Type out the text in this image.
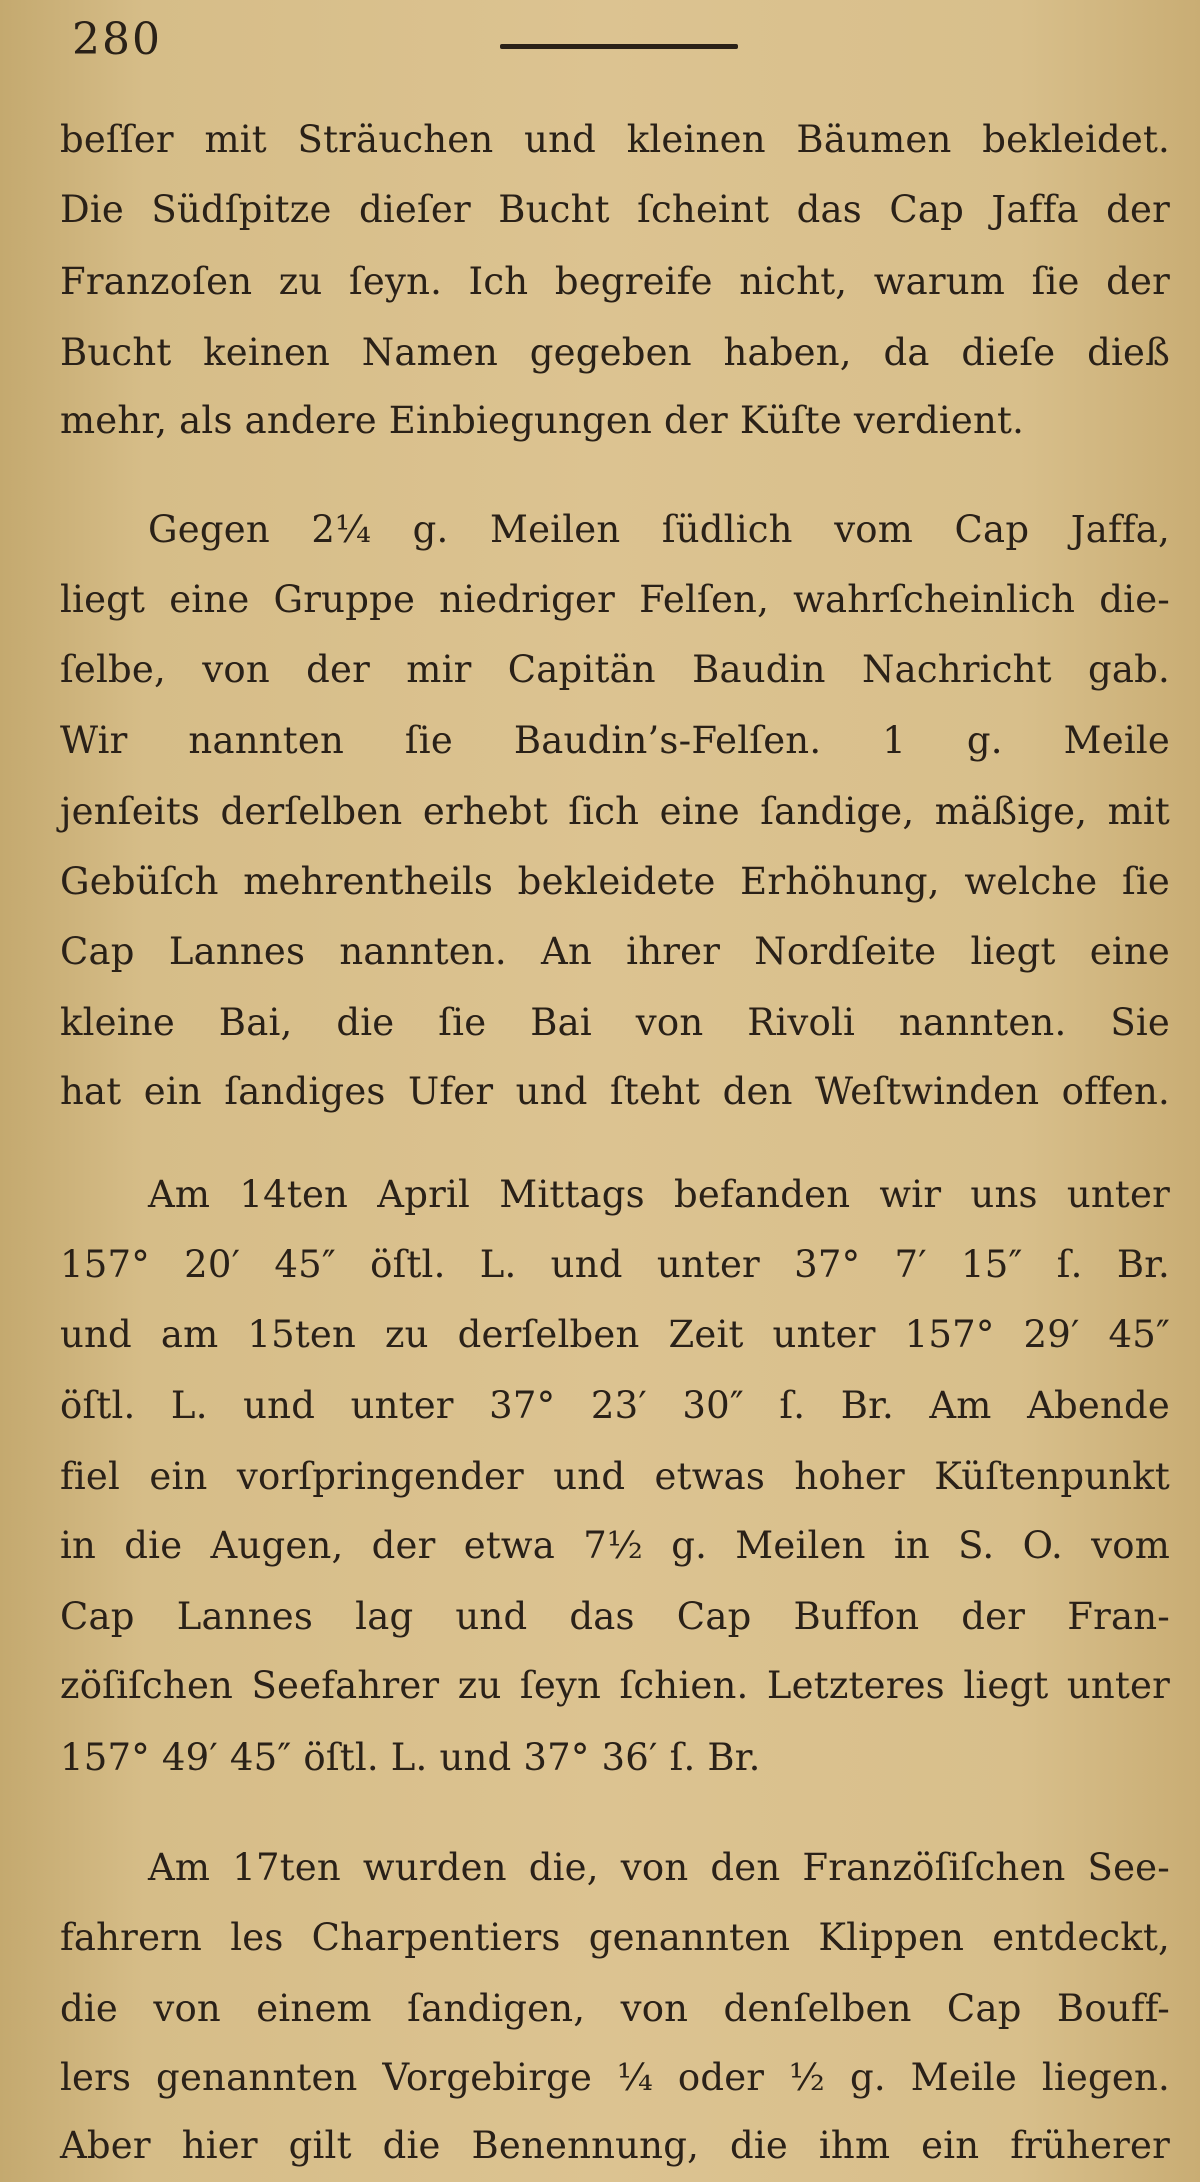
280
beſſer mit Sträuchen und kleinen Bäumen bekleidet.
Die Südſpitze dieſer Bucht ſcheint das Cap Jaffa der
Franzoſen zu ſeyn. Ich begreife nicht, warum ſie der
Bucht keinen Namen gegeben haben, da dieſe dieß
mehr, als andere Einbiegungen der Küſte verdient.
Gegen 2¼ g. Meilen ſüdlich vom Cap Jaffa,
liegt eine Gruppe niedriger Felſen, wahrſcheinlich die-
ſelbe, von der mir Capitän Baudin Nachricht gab.
Wir nannten ſie Baudin’s-Felſen. 1 g. Meile
jenſeits derſelben erhebt ſich eine ſandige, mäßige, mit
Gebüſch mehrentheils bekleidete Erhöhung, welche ſie
Cap Lannes nannten. An ihrer Nordſeite liegt eine
kleine Bai, die ſie Bai von Rivoli nannten. Sie
hat ein ſandiges Ufer und ſteht den Weſtwinden offen.
Am 14ten April Mittags befanden wir uns unter
157° 20′ 45″ öſtl. L. und unter 37° 7′ 15″ ſ. Br.
und am 15ten zu derſelben Zeit unter 157° 29′ 45″
öſtl. L. und unter 37° 23′ 30″ ſ. Br. Am Abende
fiel ein vorſpringender und etwas hoher Küſtenpunkt
in die Augen, der etwa 7½ g. Meilen in S. O. vom
Cap Lannes lag und das Cap Buffon der Fran-
zöſiſchen Seefahrer zu ſeyn ſchien. Letzteres liegt unter
157° 49′ 45″ öſtl. L. und 37° 36′ ſ. Br.
Am 17ten wurden die, von den Franzöſiſchen See-
fahrern les Charpentiers genannten Klippen entdeckt,
die von einem ſandigen, von denſelben Cap Bouff-
lers genannten Vorgebirge ¼ oder ½ g. Meile liegen.
Aber hier gilt die Benennung, die ihm ein früherer
